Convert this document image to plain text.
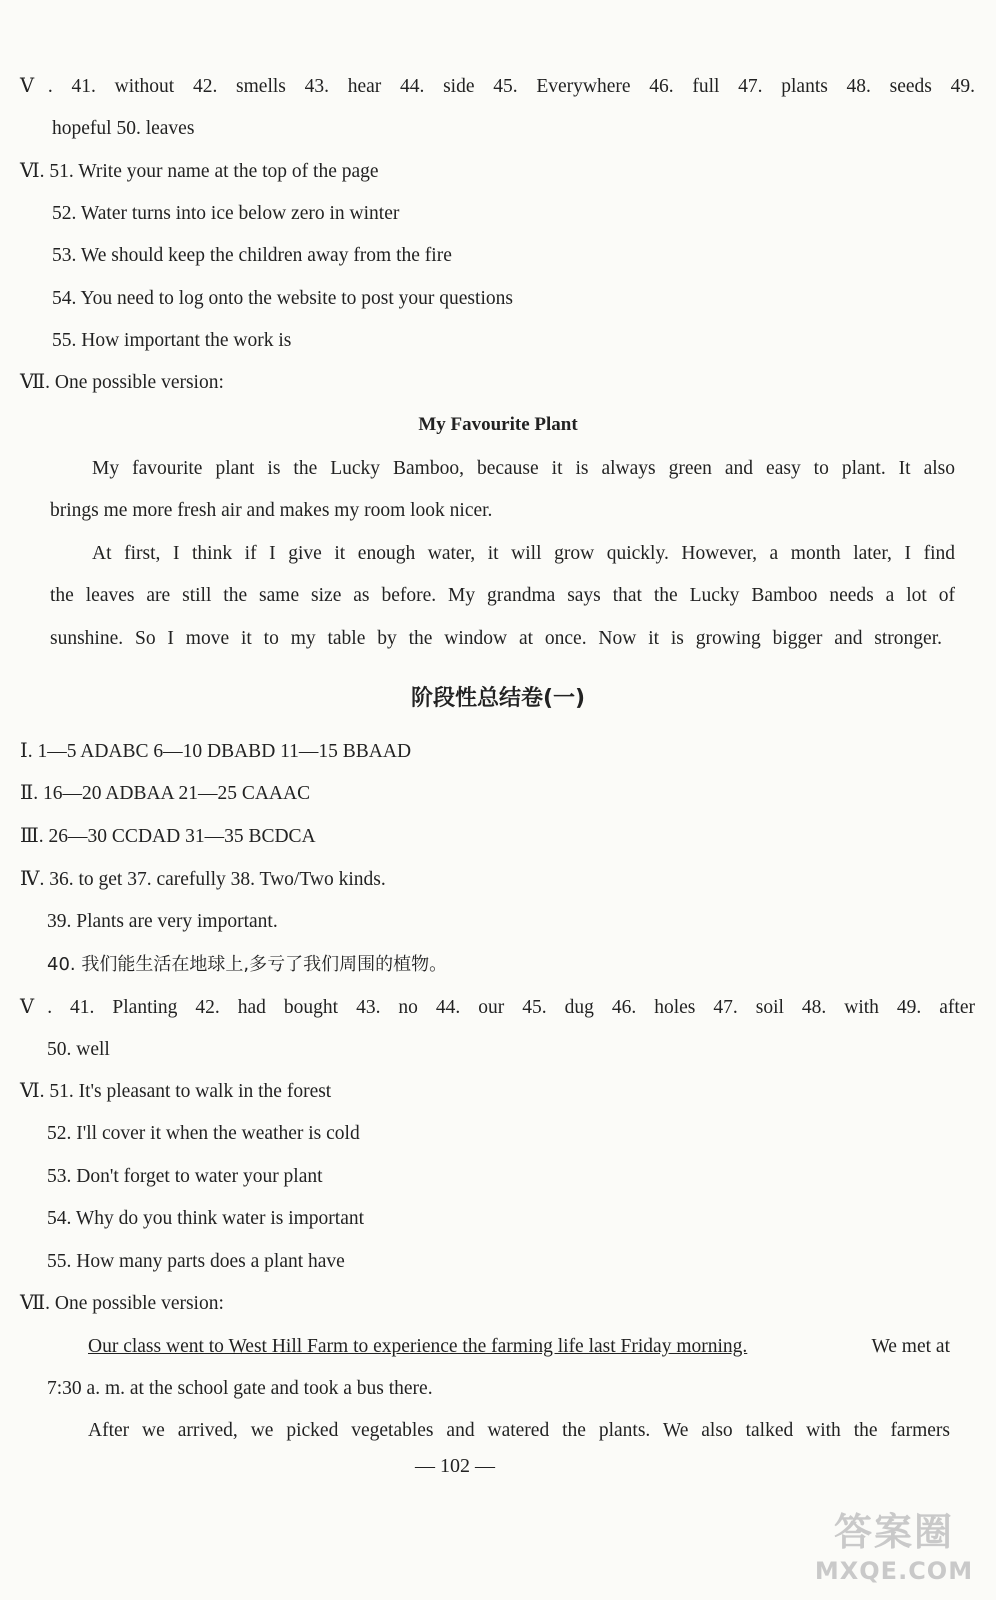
Ⅴ. 41. without 42. smells 43. hear 44. side 45. Everywhere 46. full 47. plants 48. seeds 49.
hopeful 50. leaves
Ⅵ. 51. Write your name at the top of the page
52. Water turns into ice below zero in winter
53. We should keep the children away from the fire
54. You need to log onto the website to post your questions
55. How important the work is
Ⅶ. One possible version:
My Favourite Plant
My favourite plant is the Lucky Bamboo, because it is always green and easy to plant. It also
brings me more fresh air and makes my room look nicer.
At first, I think if I give it enough water, it will grow quickly. However, a month later, I find
the leaves are still the same size as before. My grandma says that the Lucky Bamboo needs a lot of
sunshine. So I move it to my table by the window at once. Now it is growing bigger and stronger.
阶段性总结卷(一)
Ⅰ. 1—5 ADABC 6—10 DBABD 11—15 BBAAD
Ⅱ. 16—20 ADBAA 21—25 CAAAC
Ⅲ. 26—30 CCDAD 31—35 BCDCA
Ⅳ. 36. to get 37. carefully 38. Two/Two kinds.
39. Plants are very important.
40. 我们能生活在地球上,多亏了我们周围的植物。
Ⅴ. 41. Planting 42. had bought 43. no 44. our 45. dug 46. holes 47. soil 48. with 49. after
50. well
Ⅵ. 51. It's pleasant to walk in the forest
52. I'll cover it when the weather is cold
53. Don't forget to water your plant
54. Why do you think water is important
55. How many parts does a plant have
Ⅶ. One possible version:
Our class went to West Hill Farm to experience the farming life last Friday morning.	We met at
7:30 a. m. at the school gate and took a bus there.
After we arrived, we picked vegetables and watered the plants. We also talked with the farmers
— 102 —
答案圈
MXQE.COM
